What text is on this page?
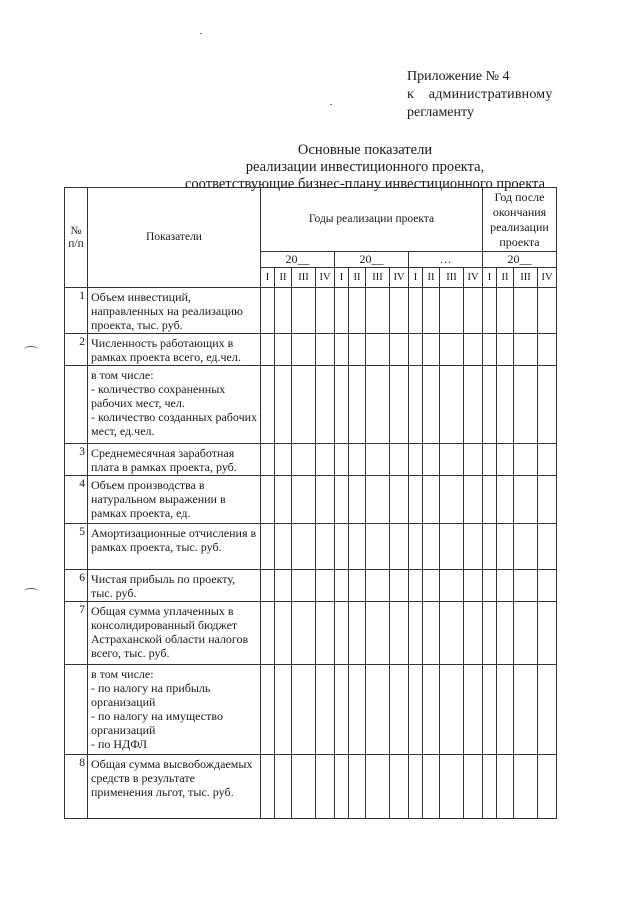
Приложение № 4
к    административному
регламенту
Основные показатели
реализации инвестиционного проекта,
соответствующие бизнес-плану инвестиционного проекта
№
п/п	Показатели	Годы реализации проекта												Год после окончания реализации проекта			
		20__				20__				…				20__			
		I	II	III	IV	I	II	III	IV	I	II	III	IV	I	II	III	IV
1	Объем инвестиций, направленных на реализацию проекта, тыс. руб.																
2	Численность работающих в рамках проекта всего, ед.чел.																
	в том числе:
- количество сохраненных рабочих мест, чел.
- количество созданных рабочих мест, ед.чел.																
3	Среднемесячная заработная плата в рамках проекта, руб.																
4	Объем производства в натуральном выражении в рамках проекта, ед.																
5	Амортизационные отчисления в рамках проекта, тыс. руб.																
6	Чистая прибыль по проекту, тыс. руб.																
7	Общая сумма уплаченных в консолидированный бюджет Астраханской области налогов всего, тыс. руб.																
	в том числе:
- по налогу на прибыль организаций
- по налогу на имущество организаций
- по НДФЛ																
8	Общая сумма высвобождаемых средств в результате применения льгот, тыс. руб.																
